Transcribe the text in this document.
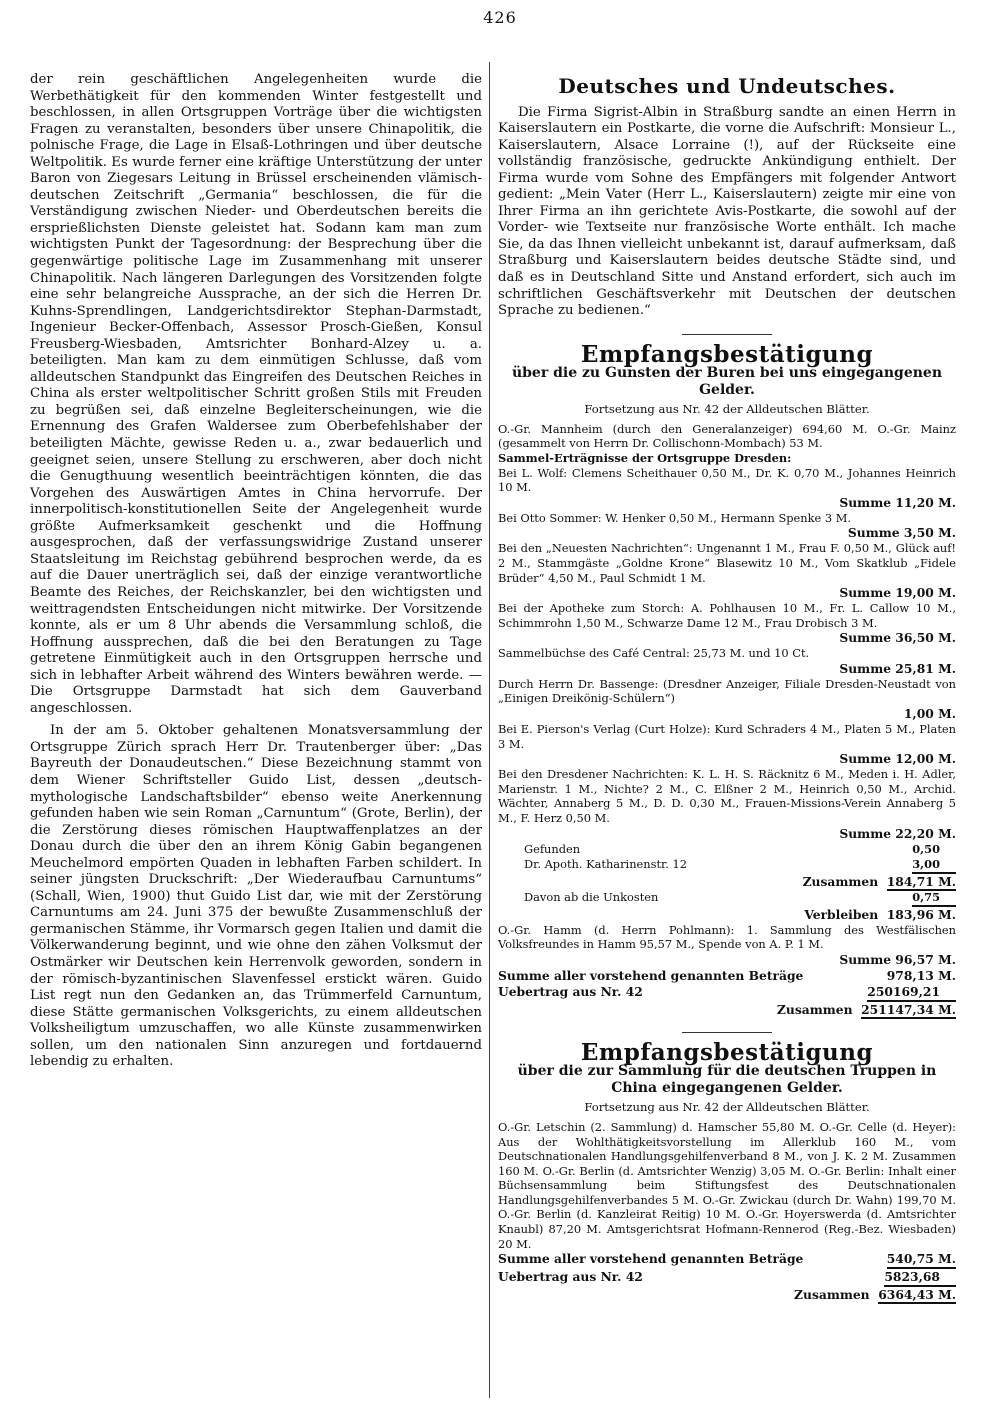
426

der rein geschäftlichen Angelegenheiten wurde die Werbethätigkeit für den kommenden Winter festgestellt und beschlossen, in allen Ortsgruppen Vorträge über die wichtigsten Fragen zu veranstalten, besonders über unsere Chinapolitik, die polnische Frage, die Lage in Elsaß-Lothringen und über deutsche Weltpolitik. Es wurde ferner eine kräftige Unterstützung der unter Baron von Ziegesars Leitung in Brüssel erscheinenden vlämisch-deutschen Zeitschrift „Germania“ beschlossen, die für die Verständigung zwischen Nieder- und Oberdeutschen bereits die ersprießlichsten Dienste geleistet hat. Sodann kam man zum wichtigsten Punkt der Tagesordnung: der Besprechung über die gegenwärtige politische Lage im Zusammenhang mit unserer Chinapolitik. Nach längeren Darlegungen des Vorsitzenden folgte eine sehr belangreiche Aussprache, an der sich die Herren Dr. Kuhns-Sprendlingen, Landgerichtsdirektor Stephan-Darmstadt, Ingenieur Becker-Offenbach, Assessor Prosch-Gießen, Konsul Freusberg-Wiesbaden, Amtsrichter Bonhard-Alzey u. a. beteiligten. Man kam zu dem einmütigen Schlusse, daß vom alldeutschen Standpunkt das Eingreifen des Deutschen Reiches in China als erster weltpolitischer Schritt großen Stils mit Freuden zu begrüßen sei, daß einzelne Begleiterscheinungen, wie die Ernennung des Grafen Waldersee zum Oberbefehlshaber der beteiligten Mächte, gewisse Reden u. a., zwar bedauerlich und geeignet seien, unsere Stellung zu erschweren, aber doch nicht die Genugthuung wesentlich beeinträchtigen könnten, die das Vorgehen des Auswärtigen Amtes in China hervorrufe. Der innerpolitisch-konstitutionellen Seite der Angelegenheit wurde größte Aufmerksamkeit geschenkt und die Hoffnung ausgesprochen, daß der verfassungswidrige Zustand unserer Staatsleitung im Reichstag gebührend besprochen werde, da es auf die Dauer unerträglich sei, daß der einzige verantwortliche Beamte des Reiches, der Reichskanzler, bei den wichtigsten und weittragendsten Entscheidungen nicht mitwirke. Der Vorsitzende konnte, als er um 8 Uhr abends die Versammlung schloß, die Hoffnung aussprechen, daß die bei den Beratungen zu Tage getretene Einmütigkeit auch in den Ortsgruppen herrsche und sich in lebhafter Arbeit während des Winters bewähren werde. — Die Ortsgruppe Darmstadt hat sich dem Gauverband angeschlossen.

In der am 5. Oktober gehaltenen Monatsversammlung der Ortsgruppe Zürich sprach Herr Dr. Trautenberger über: „Das Bayreuth der Donaudeutschen.“ Diese Bezeichnung stammt von dem Wiener Schriftsteller Guido List, dessen „deutsch-mythologische Landschaftsbilder“ ebenso weite Anerkennung gefunden haben wie sein Roman „Carnuntum“ (Grote, Berlin), der die Zerstörung dieses römischen Hauptwaffenplatzes an der Donau durch die über den an ihrem König Gabin begangenen Meuchelmord empörten Quaden in lebhaften Farben schildert. In seiner jüngsten Druckschrift: „Der Wiederaufbau Carnuntums“ (Schall, Wien, 1900) thut Guido List dar, wie mit der Zerstörung Carnuntums am 24. Juni 375 der bewußte Zusammenschluß der germanischen Stämme, ihr Vormarsch gegen Italien und damit die Völkerwanderung beginnt, und wie ohne den zähen Volksmut der Ostmärker wir Deutschen kein Herrenvolk geworden, sondern in der römisch-byzantinischen Slavenfessel erstickt wären. Guido List regt nun den Gedanken an, das Trümmerfeld Carnuntum, diese Stätte germanischen Volksgerichts, zu einem alldeutschen Volksheiligtum umzuschaffen, wo alle Künste zusammenwirken sollen, um den nationalen Sinn anzuregen und fortdauernd lebendig zu erhalten.

Deutsches und Undeutsches.

Die Firma Sigrist-Albin in Straßburg sandte an einen Herrn in Kaiserslautern ein Postkarte, die vorne die Aufschrift: Monsieur L., Kaiserslautern, Alsace Lorraine (!), auf der Rückseite eine vollständig französische, gedruckte Ankündigung enthielt. Der Firma wurde vom Sohne des Empfängers mit folgender Antwort gedient: „Mein Vater (Herr L., Kaiserslautern) zeigte mir eine von Ihrer Firma an ihn gerichtete Avis-Postkarte, die sowohl auf der Vorder- wie Textseite nur französische Worte enthält. Ich mache Sie, da das Ihnen vielleicht unbekannt ist, darauf aufmerksam, daß Straßburg und Kaiserslautern beides deutsche Städte sind, und daß es in Deutschland Sitte und Anstand erfordert, sich auch im schriftlichen Geschäftsverkehr mit Deutschen der deutschen Sprache zu bedienen.“

Empfangsbestätigung
über die zu Gunsten der Buren bei uns eingegangenen Gelder.
Fortsetzung aus Nr. 42 der Alldeutschen Blätter.

O.-Gr. Mannheim (durch den Generalanzeiger) 694,60 M. O.-Gr. Mainz (gesammelt von Herrn Dr. Collischonn-Mombach) 53 M.

Sammel-Erträgnisse der Ortsgruppe Dresden:

Bei L. Wolf: Clemens Scheithauer 0,50 M., Dr. K. 0,70 M., Johannes Heinrich 10 M.

Summe 11,20 M.

Bei Otto Sommer: W. Henker 0,50 M., Hermann Spenke 3 M.

Summe 3,50 M.

Bei den „Neuesten Nachrichten“: Ungenannt 1 M., Frau F. 0,50 M., Glück auf! 2 M., Stammgäste „Goldne Krone“ Blasewitz 10 M., Vom Skatklub „Fidele Brüder“ 4,50 M., Paul Schmidt 1 M.

Summe 19,00 M.

Bei der Apotheke zum Storch: A. Pohlhausen 10 M., Fr. L. Callow 10 M., Schimmrohn 1,50 M., Schwarze Dame 12 M., Frau Drobisch 3 M.

Summe 36,50 M.

Sammelbüchse des Café Central: 25,73 M. und 10 Ct.

Summe 25,81 M.

Durch Herrn Dr. Bassenge: (Dresdner Anzeiger, Filiale Dresden-Neustadt von „Einigen Dreikönig-Schülern“)

1,00 M.

Bei E. Pierson's Verlag (Curt Holze): Kurd Schraders 4 M., Platen 5 M., Platen 3 M.

Summe 12,00 M.

Bei den Dresdener Nachrichten: K. L. H. S. Räcknitz 6 M., Meden i. H. Adler, Marienstr. 1 M., Nichte? 2 M., C. Elßner 2 M., Heinrich 0,50 M., Archid. Wächter, Annaberg 5 M., D. D. 0,30 M., Frauen-Missions-Verein Annaberg 5 M., F. Herz 0,50 M.

Summe 22,20 M.
Gefunden	0,50
Dr. Apoth. Katharinenstr. 12	3,00
Zusammen 184,71 M.
Davon ab die Unkosten	0,75
Verbleiben 183,96 M.

O.-Gr. Hamm (d. Herrn Pohlmann): 1. Sammlung des Westfälischen Volksfreundes in Hamm 95,57 M., Spende von A. P. 1 M.

Summe 96,57 M.
Summe aller vorstehend genannten Beträge	978,13 M.
Uebertrag aus Nr. 42	250169,21
Zusammen 251147,34 M.
Empfangsbestätigung
über die zur Sammlung für die deutschen Truppen in China eingegangenen Gelder.
Fortsetzung aus Nr. 42 der Alldeutschen Blätter.

O.-Gr. Letschin (2. Sammlung) d. Hamscher 55,80 M. O.-Gr. Celle (d. Heyer): Aus der Wohlthätigkeitsvorstellung im Allerklub 160 M., vom Deutschnationalen Handlungsgehilfenverband 8 M., von J. K. 2 M. Zusammen 160 M. O.-Gr. Berlin (d. Amtsrichter Wenzig) 3,05 M. O.-Gr. Berlin: Inhalt einer Büchsensammlung beim Stiftungsfest des Deutschnationalen Handlungsgehilfenverbandes 5 M. O.-Gr. Zwickau (durch Dr. Wahn) 199,70 M. O.-Gr. Berlin (d. Kanzleirat Reitig) 10 M. O.-Gr. Hoyerswerda (d. Amtsrichter Knaubl) 87,20 M. Amtsgerichtsrat Hofmann-Rennerod (Reg.-Bez. Wiesbaden) 20 M.

Summe aller vorstehend genannten Beträge	540,75 M.
Uebertrag aus Nr. 42	5823,68
Zusammen 6364,43 M.
